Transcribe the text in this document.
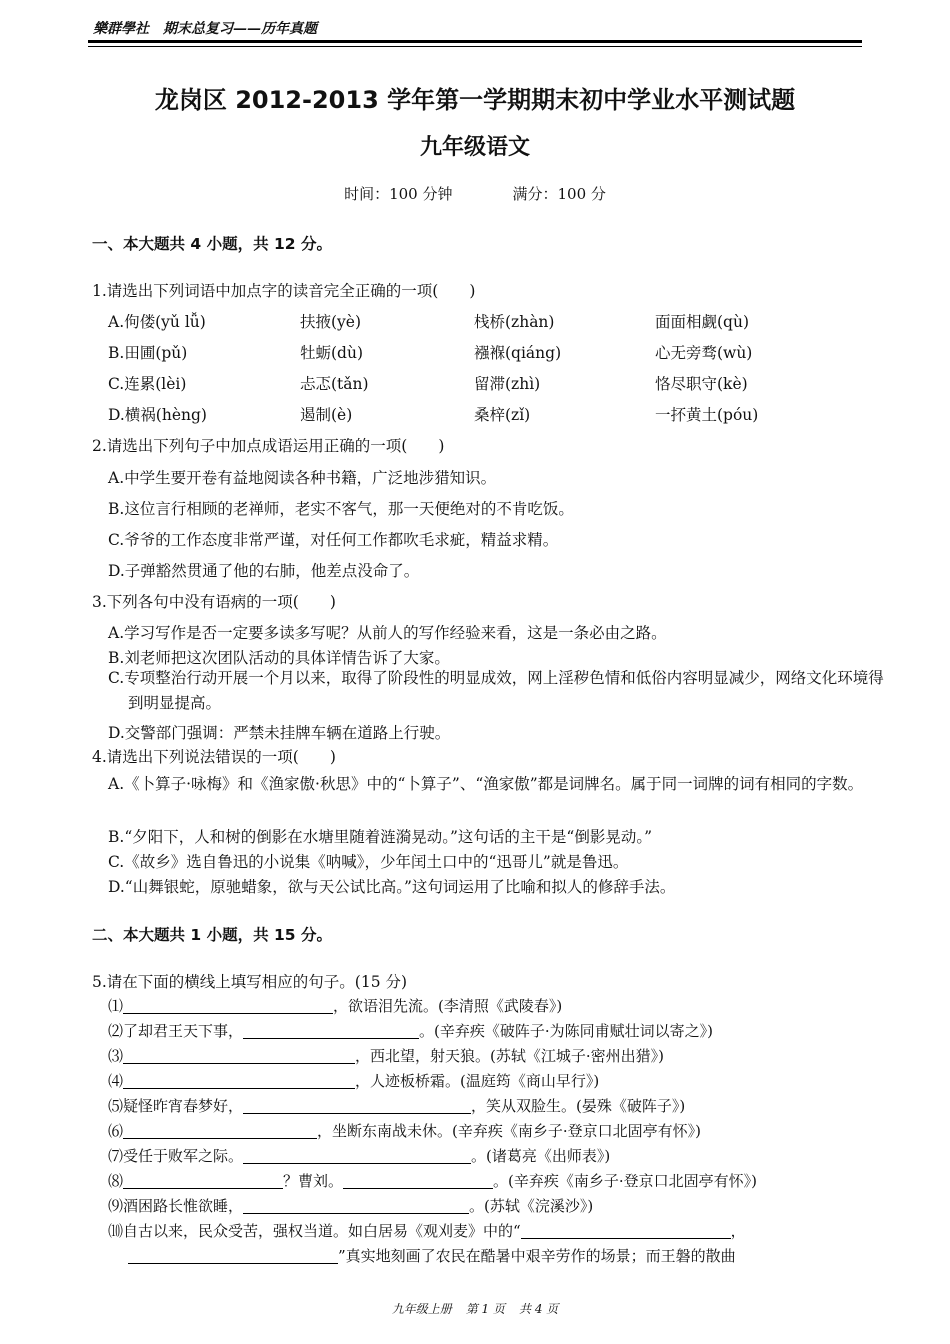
樂群學社 期末总复习——历年真题
龙岗区 2012-2013 学年第一学期期末初中学业水平测试题
九年级语文
时间：100 分钟	满分：100 分
一、本大题共 4 小题，共 12 分。
1.请选出下列词语中加点字的读音完全正确的一项(　　)
A.佝偻(yǔ lǚ)	扶掖(yè)	栈桥(zhàn)	面面相觑(qù)
B.田圃(pǔ)	牡蛎(dù)	襁褓(qiáng)	心无旁骛(wù)
C.连累(lèi)	忐忑(tǎn)	留滞(zhì)	恪尽职守(kè)
D.横祸(hèng)	遏制(è)	桑梓(zǐ)	一抔黄土(póu)
2.请选出下列句子中加点成语运用正确的一项(　　)
A.中学生要开卷有益地阅读各种书籍，广泛地涉猎知识。
B.这位言行相顾的老禅师，老实不客气，那一天便绝对的不肯吃饭。
C.爷爷的工作态度非常严谨，对任何工作都吹毛求疵，精益求精。
D.子弹豁然贯通了他的右肺，他差点没命了。
3.下列各句中没有语病的一项(　　)
A.学习写作是否一定要多读多写呢？从前人的写作经验来看，这是一条必由之路。
B.刘老师把这次团队活动的具体详情告诉了大家。
C.专项整治行动开展一个月以来，取得了阶段性的明显成效，网上淫秽色情和低俗内容明显减少，网络文化环境得到明显提高。
D.交警部门强调：严禁未挂牌车辆在道路上行驶。
4.请选出下列说法错误的一项(　　)
A.《卜算子·咏梅》和《渔家傲·秋思》中的“卜算子”、“渔家傲”都是词牌名。属于同一词牌的词有相同的字数。
B.“夕阳下，人和树的倒影在水塘里随着涟漪晃动。”这句话的主干是“倒影晃动。”
C.《故乡》选自鲁迅的小说集《呐喊》，少年闰土口中的“迅哥儿”就是鲁迅。
D.“山舞银蛇，原驰蜡象，欲与天公试比高。”这句词运用了比喻和拟人的修辞手法。
二、本大题共 1 小题，共 15 分。
5.请在下面的横线上填写相应的句子。(15 分)
⑴	，欲语泪先流。(李清照《武陵春》)
⑵了却君王天下事，	。(辛弃疾《破阵子·为陈同甫赋壮词以寄之》)
⑶	，西北望，射天狼。(苏轼《江城子·密州出猎》)
⑷	，人迹板桥霜。(温庭筠《商山早行》)
⑸疑怪昨宵春梦好，	，笑从双脸生。(晏殊《破阵子》)
⑹	，坐断东南战未休。(辛弃疾《南乡子·登京口北固亭有怀》)
⑺受任于败军之际。	。(诸葛亮《出师表》)
⑻	？曹刘。	。(辛弃疾《南乡子·登京口北固亭有怀》)
⑼酒困路长惟欲睡，	。(苏轼《浣溪沙》)
⑽自古以来，民众受苦，强权当道。如白居易《观刈麦》中的“	，
”真实地刻画了农民在酷暑中艰辛劳作的场景；而王磐的散曲
九年级上册 第 1 页 共 4 页
